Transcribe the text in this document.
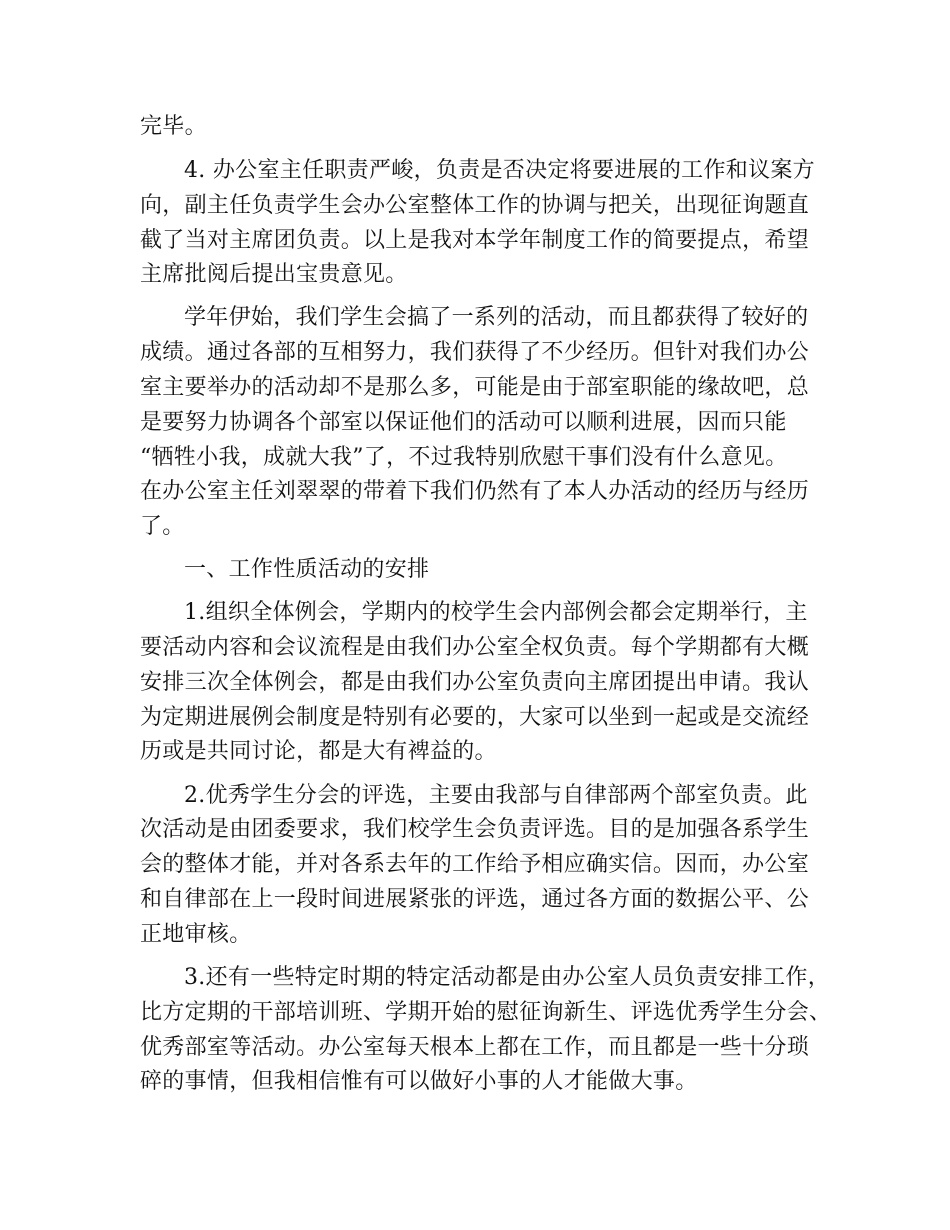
完毕。
4. 办公室主任职责严峻，负责是否决定将要进展的工作和议案方
向，副主任负责学生会办公室整体工作的协调与把关，出现征询题直
截了当对主席团负责。以上是我对本学年制度工作的简要提点，希望
主席批阅后提出宝贵意见。
学年伊始，我们学生会搞了一系列的活动，而且都获得了较好的
成绩。通过各部的互相努力，我们获得了不少经历。但针对我们办公
室主要举办的活动却不是那么多，可能是由于部室职能的缘故吧，总
是要努力协调各个部室以保证他们的活动可以顺利进展，因而只能
“牺牲小我，成就大我”了，不过我特别欣慰干事们没有什么意见。
在办公室主任刘翠翠的带着下我们仍然有了本人办活动的经历与经历
了。
一、工作性质活动的安排
1.组织全体例会，学期内的校学生会内部例会都会定期举行，主
要活动内容和会议流程是由我们办公室全权负责。每个学期都有大概
安排三次全体例会，都是由我们办公室负责向主席团提出申请。我认
为定期进展例会制度是特别有必要的，大家可以坐到一起或是交流经
历或是共同讨论，都是大有裨益的。
2.优秀学生分会的评选，主要由我部与自律部两个部室负责。此
次活动是由团委要求，我们校学生会负责评选。目的是加强各系学生
会的整体才能，并对各系去年的工作给予相应确实信。因而，办公室
和自律部在上一段时间进展紧张的评选，通过各方面的数据公平、公
正地审核。
3.还有一些特定时期的特定活动都是由办公室人员负责安排工作，
比方定期的干部培训班、学期开始的慰征询新生、评选优秀学生分会、
优秀部室等活动。办公室每天根本上都在工作，而且都是一些十分琐
碎的事情，但我相信惟有可以做好小事的人才能做大事。
